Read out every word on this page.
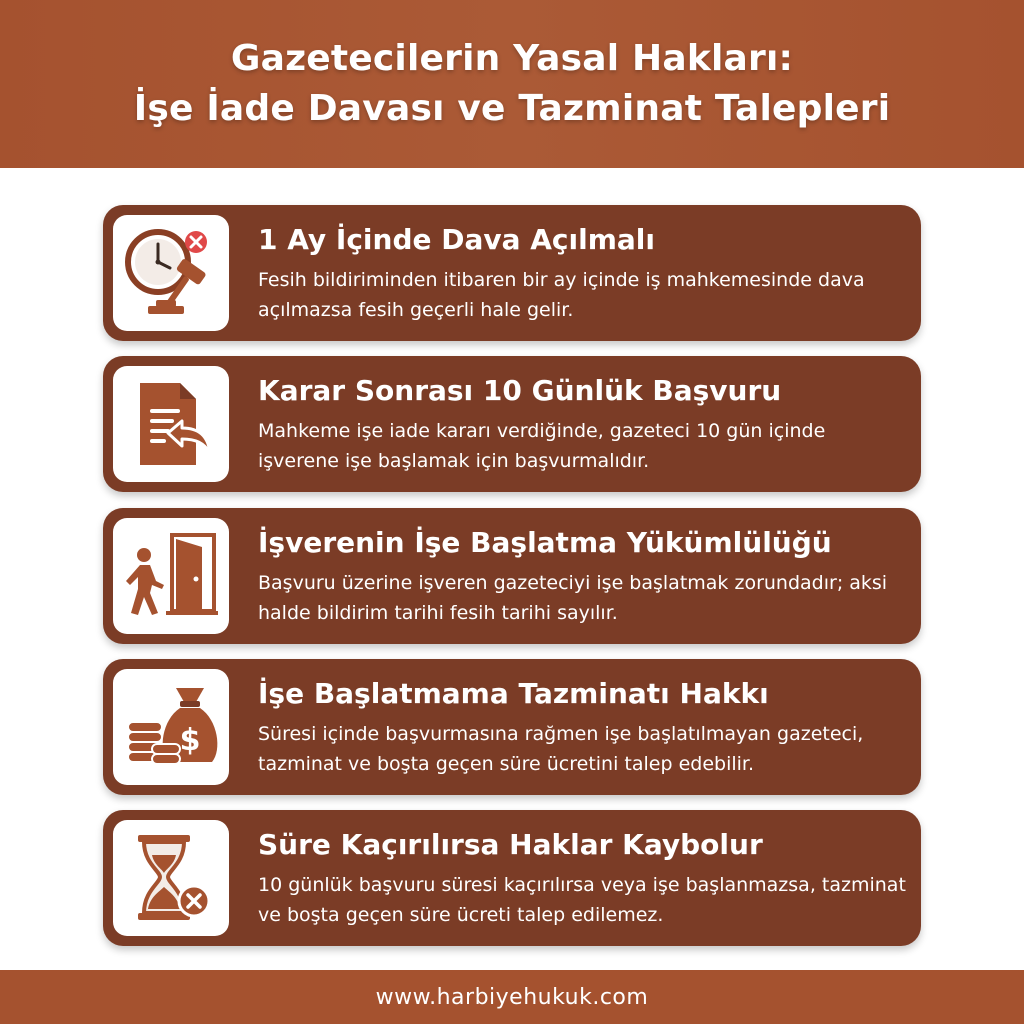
Gazetecilerin Yasal Hakları:
İşe İade Davası ve Tazminat Talepleri
1 Ay İçinde Dava Açılmalı
Fesih bildiriminden itibaren bir ay içinde iş mahkemesinde dava açılmazsa fesih geçerli hale gelir.
Karar Sonrası 10 Günlük Başvuru
Mahkeme işe iade kararı verdiğinde, gazeteci 10 gün içinde işverene işe başlamak için başvurmalıdır.
İşverenin İşe Başlatma Yükümlülüğü
Başvuru üzerine işveren gazeteciyi işe başlatmak zorundadır; aksi halde bildirim tarihi fesih tarihi sayılır.
$
İşe Başlatmama Tazminatı Hakkı
Süresi içinde başvurmasına rağmen işe başlatılmayan gazeteci, tazminat ve boşta geçen süre ücretini talep edebilir.
Süre Kaçırılırsa Haklar Kaybolur
10 günlük başvuru süresi kaçırılırsa veya işe başlanmazsa, tazminat ve boşta geçen süre ücreti talep edilemez.
www.harbiyehukuk.com
